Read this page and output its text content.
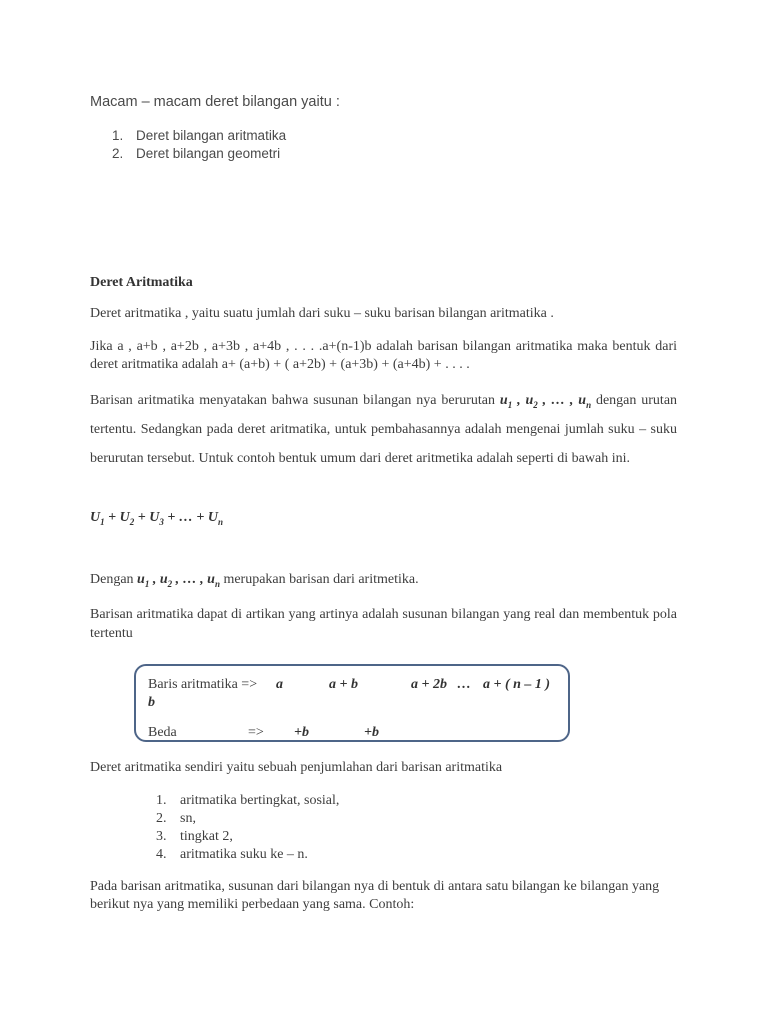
Macam – macam deret bilangan yaitu :
1. Deret bilangan aritmatika
2. Deret bilangan geometri
Deret Aritmatika
Deret aritmatika , yaitu suatu jumlah dari suku – suku barisan bilangan aritmatika .
Jika a , a+b , a+2b , a+3b , a+4b , . . . .a+(n-1)b adalah barisan bilangan aritmatika maka bentuk dari deret aritmatika adalah a+ (a+b) + ( a+2b) + (a+3b) + (a+4b) + . . . .
Barisan aritmatika menyatakan bahwa susunan bilangan nya berurutan $u_1$ , $u_2$ , … , $u_n$ dengan urutan tertentu. Sedangkan pada deret aritmatika, untuk pembahasannya adalah mengenai jumlah suku – suku berurutan tersebut. Untuk contoh bentuk umum dari deret aritmetika adalah seperti di bawah ini.
$U_1 + U_2 + U_3$ + … + $U_n$
Dengan $u_1$ , $u_2$ , … , $u_n$ merupakan barisan dari aritmetika.
Barisan aritmatika dapat di artikan yang artinya adalah susunan bilangan yang real dan membentuk pola tertentu
Baris aritmatika => a	a + b	a + 2b … a + ( n – 1 )
b
Beda	=> +b	+b
Deret aritmatika sendiri yaitu sebuah penjumlahan dari barisan aritmatika
1. aritmatika bertingkat, sosial,
2. sn,
3. tingkat 2,
4. aritmatika suku ke – n.
Pada barisan aritmatika, susunan dari bilangan nya di bentuk di antara satu bilangan ke bilangan yang berikut nya yang memiliki perbedaan yang sama. Contoh:
